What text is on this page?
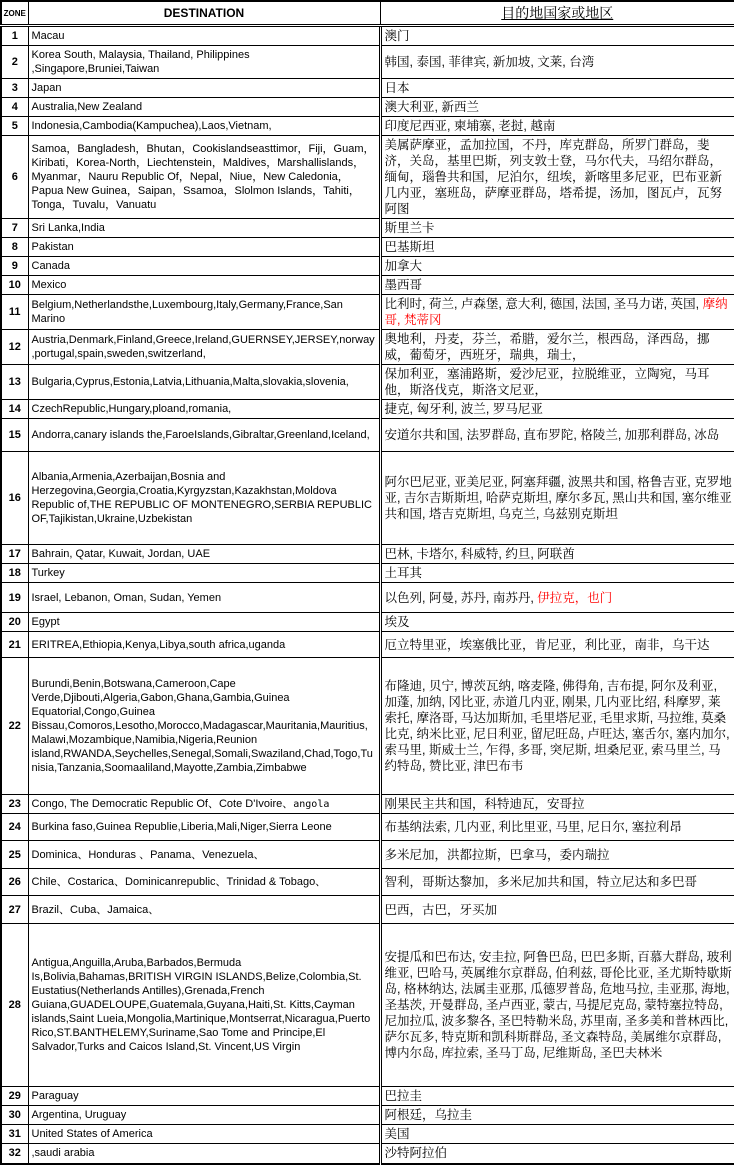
ZONE	DESTINATION	目的地国家或地区
1	Macau	澳门
2	Korea South, Malaysia, Thailand, Philippines ,Singapore,Bruniei,Taiwan	韩国, 泰国, 菲律宾, 新加坡, 文莱, 台湾
3	Japan	日本
4	Australia,New Zealand	澳大利亚, 新西兰
5	Indonesia,Cambodia(Kampuchea),Laos,Vietnam,	印度尼西亚, 柬埔寨, 老挝, 越南
6	Samoa，Bangladesh，Bhutan，Cookislandseasttimor，Fiji，Guam，Kiribati，Korea-North，Liechtenstein，Maldives，Marshallislands，Myanmar，Nauru Republic Of，Nepal，Niue，New Caledonia，Papua New Guinea，Saipan，Ssamoa，Slolmon Islands，Tahiti，Tonga，Tuvalu，Vanuatu	美属萨摩亚，孟加拉国，不丹，库克群岛，所罗门群岛，斐济，关岛，基里巴斯，列支敦士登，马尔代夫，马绍尔群岛，缅甸，瑙鲁共和国，尼泊尔，纽埃，新喀里多尼亚，巴布亚新几内亚，塞班岛，萨摩亚群岛，塔希提，汤加，图瓦卢，瓦努阿图
7	Sri Lanka,India	斯里兰卡
8	Pakistan	巴基斯坦
9	Canada	加拿大
10	Mexico	墨西哥
11	Belgium,Netherlandsthe,Luxembourg,Italy,Germany,France,San Marino	比利时, 荷兰, 卢森堡, 意大利, 德国, 法国, 圣马力诺, 英国, 摩纳哥, 梵蒂冈
12	Austria,Denmark,Finland,Greece,Ireland,GUERNSEY,JERSEY,norway,portugal,spain,sweden,switzerland,	奥地利，丹麦，芬兰，希腊，爱尔兰，根西岛，泽西岛，挪威，葡萄牙，西班牙，瑞典，瑞士，
13	Bulgaria,Cyprus,Estonia,Latvia,Lithuania,Malta,slovakia,slovenia,	保加利亚，塞浦路斯，爱沙尼亚，拉脱维亚，立陶宛，马耳他，斯洛伐克，斯洛文尼亚，
14	CzechRepublic,Hungary,ploand,romania,	捷克, 匈牙利, 波兰, 罗马尼亚
15	Andorra,canary islands the,FaroeIslands,Gibraltar,Greenland,Iceland,	安道尔共和国, 法罗群岛, 直布罗陀, 格陵兰, 加那利群岛, 冰岛
16	Albania,Armenia,Azerbaijan,Bosnia and Herzegovina,Georgia,Croatia,Kyrgyzstan,Kazakhstan,Moldova Republic of,THE REPUBLIC OF MONTENEGRO,SERBIA REPUBLIC OF,Tajikistan,Ukraine,Uzbekistan	阿尔巴尼亚, 亚美尼亚, 阿塞拜疆, 波黑共和国, 格鲁吉亚, 克罗地亚, 吉尔吉斯斯坦, 哈萨克斯坦, 摩尔多瓦, 黑山共和国, 塞尔维亚共和国, 塔吉克斯坦, 乌克兰, 乌兹别克斯坦
17	Bahrain, Qatar, Kuwait, Jordan, UAE	巴林, 卡塔尔, 科威特, 约旦, 阿联酋
18	Turkey	土耳其
19	Israel, Lebanon, Oman, Sudan, Yemen	以色列, 阿曼, 苏丹, 南苏丹, 伊拉克，也门
20	Egypt	埃及
21	ERITREA,Ethiopia,Kenya,Libya,south africa,uganda	厄立特里亚，埃塞俄比亚，肯尼亚，利比亚，南非，乌干达
22	Burundi,Benin,Botswana,Cameroon,Cape Verde,Djibouti,Algeria,Gabon,Ghana,Gambia,Guinea Equatorial,Congo,Guinea Bissau,Comoros,Lesotho,Morocco,Madagascar,Mauritania,Mauritius,Malawi,Mozambique,Namibia,Nigeria,Reunion island,RWANDA,Seychelles,Senegal,Somali,Swaziland,Chad,Togo,Tunisia,Tanzania,Soomaaliland,Mayotte,Zambia,Zimbabwe	布隆迪, 贝宁, 博茨瓦纳, 喀麦隆, 佛得角, 吉布提, 阿尔及利亚, 加蓬, 加纳, 冈比亚, 赤道几内亚, 刚果, 几内亚比绍, 科摩罗, 莱索托, 摩洛哥, 马达加斯加, 毛里塔尼亚, 毛里求斯, 马拉维, 莫桑比克, 纳米比亚, 尼日利亚, 留尼旺岛, 卢旺达, 塞舌尔, 塞内加尔, 索马里, 斯威士兰, 乍得, 多哥, 突尼斯, 坦桑尼亚, 索马里兰, 马约特岛, 赞比亚, 津巴布韦
23	Congo, The Democratic Republic Of、Cote D'Ivoire、angola	刚果民主共和国，科特迪瓦，安哥拉
24	Burkina faso,Guinea Republie,Liberia,Mali,Niger,Sierra Leone	布基纳法索, 几内亚, 利比里亚, 马里, 尼日尔, 塞拉利昂
25	Dominica、Honduras 、Panama、Venezuela、	多米尼加，洪都拉斯，巴拿马，委内瑞拉
26	Chile、Costarica、Dominicanrepublic、Trinidad & Tobago、	智利，哥斯达黎加，多米尼加共和国，特立尼达和多巴哥
27	Brazil、Cuba、Jamaica、	巴西，古巴，牙买加
28	Antigua,Anguilla,Aruba,Barbados,Bermuda Is,Bolivia,Bahamas,BRITISH VIRGIN ISLANDS,Belize,Colombia,St. Eustatius(Netherlands Antilles),Grenada,French Guiana,GUADELOUPE,Guatemala,Guyana,Haiti,St. Kitts,Cayman islands,Saint Lueia,Mongolia,Martinique,Montserrat,Nicaragua,Puerto Rico,ST.BANTHELEMY,Suriname,Sao Tome and Principe,El Salvador,Turks and Caicos Island,St. Vincent,US Virgin	安提瓜和巴布达, 安圭拉, 阿鲁巴岛, 巴巴多斯, 百慕大群岛, 玻利维亚, 巴哈马, 英属维尔京群岛, 伯利兹, 哥伦比亚, 圣尤斯特歇斯岛, 格林纳达, 法属圭亚那, 瓜德罗普岛, 危地马拉, 圭亚那, 海地, 圣基茨, 开曼群岛, 圣卢西亚, 蒙古, 马提尼克岛, 蒙特塞拉特岛, 尼加拉瓜, 波多黎各, 圣巴特勒米岛, 苏里南, 圣多美和普林西比, 萨尔瓦多, 特克斯和凯科斯群岛, 圣文森特岛, 美属维尔京群岛, 博内尔岛, 库拉索, 圣马丁岛, 尼维斯岛, 圣巴夫林米
29	Paraguay	巴拉圭
30	Argentina, Uruguay	阿根廷，乌拉圭
31	United States of America	美国
32	,saudi arabia	沙特阿拉伯
